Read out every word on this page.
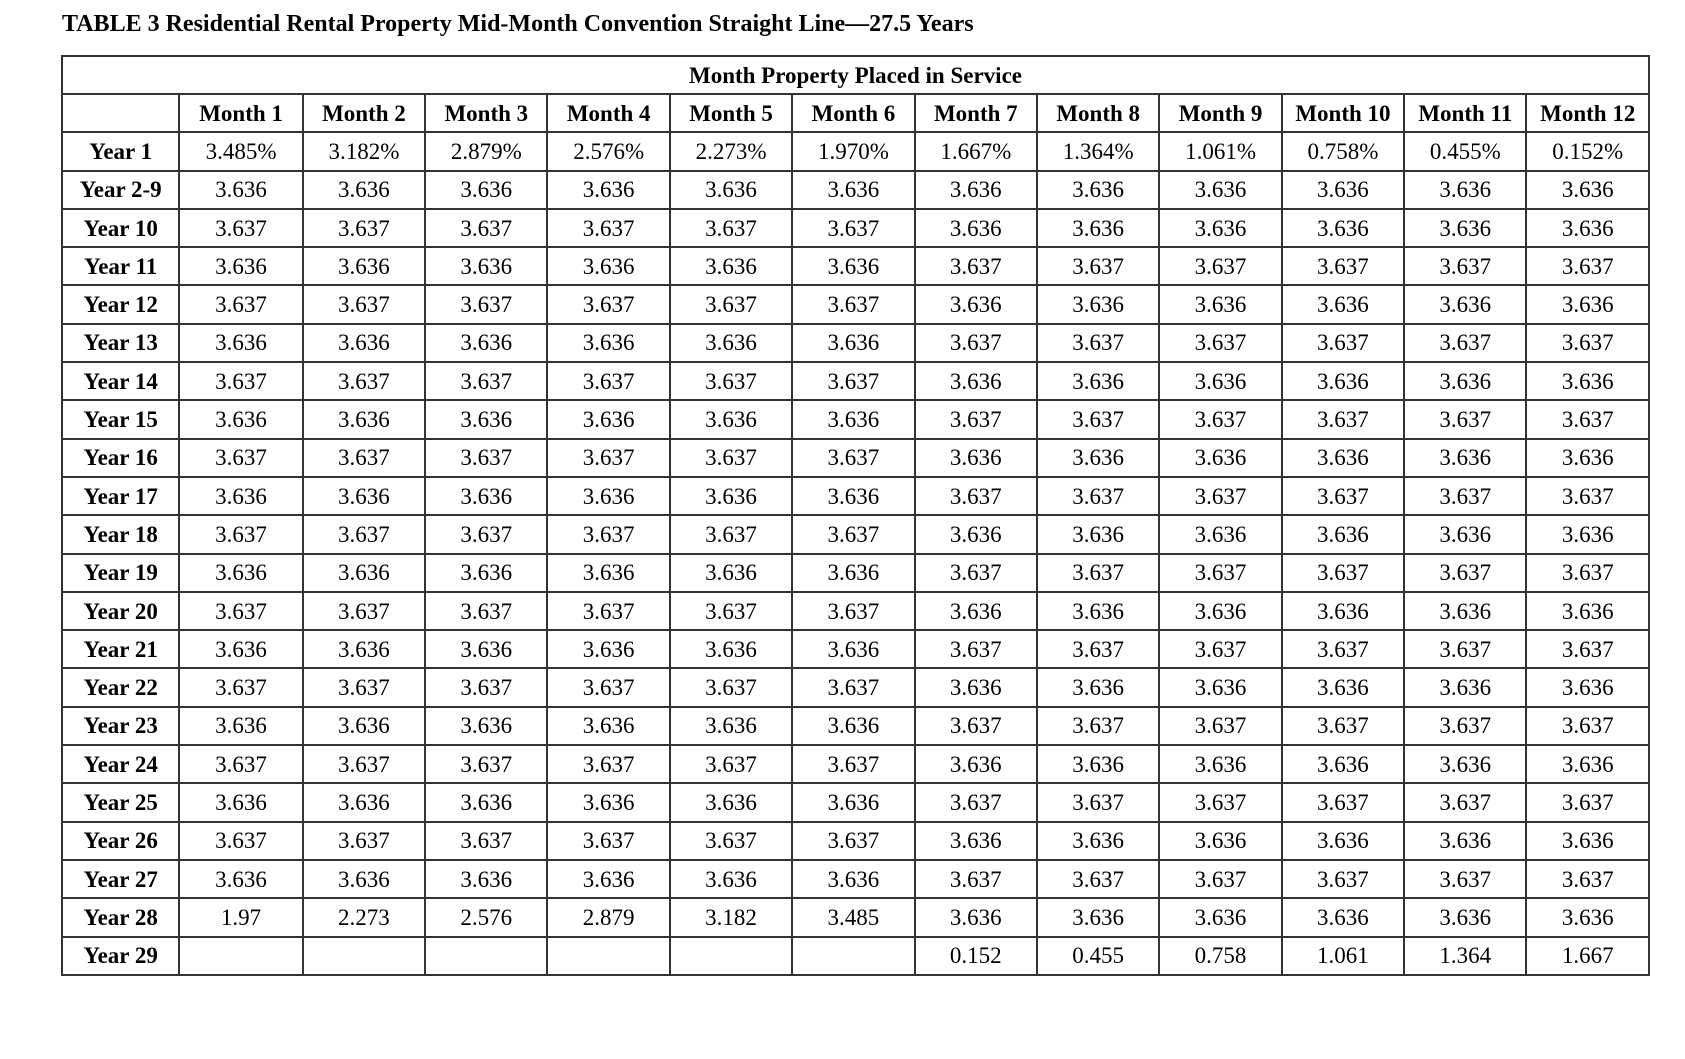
TABLE 3 Residential Rental Property Mid-Month Convention Straight Line—27.5 Years
Month Property Placed in Service												
	Month 1	Month 2	Month 3	Month 4	Month 5	Month 6	Month 7	Month 8	Month 9	Month 10	Month 11	Month 12
Year 1	3.485%	3.182%	2.879%	2.576%	2.273%	1.970%	1.667%	1.364%	1.061%	0.758%	0.455%	0.152%
Year 2-9	3.636	3.636	3.636	3.636	3.636	3.636	3.636	3.636	3.636	3.636	3.636	3.636
Year 10	3.637	3.637	3.637	3.637	3.637	3.637	3.636	3.636	3.636	3.636	3.636	3.636
Year 11	3.636	3.636	3.636	3.636	3.636	3.636	3.637	3.637	3.637	3.637	3.637	3.637
Year 12	3.637	3.637	3.637	3.637	3.637	3.637	3.636	3.636	3.636	3.636	3.636	3.636
Year 13	3.636	3.636	3.636	3.636	3.636	3.636	3.637	3.637	3.637	3.637	3.637	3.637
Year 14	3.637	3.637	3.637	3.637	3.637	3.637	3.636	3.636	3.636	3.636	3.636	3.636
Year 15	3.636	3.636	3.636	3.636	3.636	3.636	3.637	3.637	3.637	3.637	3.637	3.637
Year 16	3.637	3.637	3.637	3.637	3.637	3.637	3.636	3.636	3.636	3.636	3.636	3.636
Year 17	3.636	3.636	3.636	3.636	3.636	3.636	3.637	3.637	3.637	3.637	3.637	3.637
Year 18	3.637	3.637	3.637	3.637	3.637	3.637	3.636	3.636	3.636	3.636	3.636	3.636
Year 19	3.636	3.636	3.636	3.636	3.636	3.636	3.637	3.637	3.637	3.637	3.637	3.637
Year 20	3.637	3.637	3.637	3.637	3.637	3.637	3.636	3.636	3.636	3.636	3.636	3.636
Year 21	3.636	3.636	3.636	3.636	3.636	3.636	3.637	3.637	3.637	3.637	3.637	3.637
Year 22	3.637	3.637	3.637	3.637	3.637	3.637	3.636	3.636	3.636	3.636	3.636	3.636
Year 23	3.636	3.636	3.636	3.636	3.636	3.636	3.637	3.637	3.637	3.637	3.637	3.637
Year 24	3.637	3.637	3.637	3.637	3.637	3.637	3.636	3.636	3.636	3.636	3.636	3.636
Year 25	3.636	3.636	3.636	3.636	3.636	3.636	3.637	3.637	3.637	3.637	3.637	3.637
Year 26	3.637	3.637	3.637	3.637	3.637	3.637	3.636	3.636	3.636	3.636	3.636	3.636
Year 27	3.636	3.636	3.636	3.636	3.636	3.636	3.637	3.637	3.637	3.637	3.637	3.637
Year 28	1.97	2.273	2.576	2.879	3.182	3.485	3.636	3.636	3.636	3.636	3.636	3.636
Year 29							0.152	0.455	0.758	1.061	1.364	1.667
